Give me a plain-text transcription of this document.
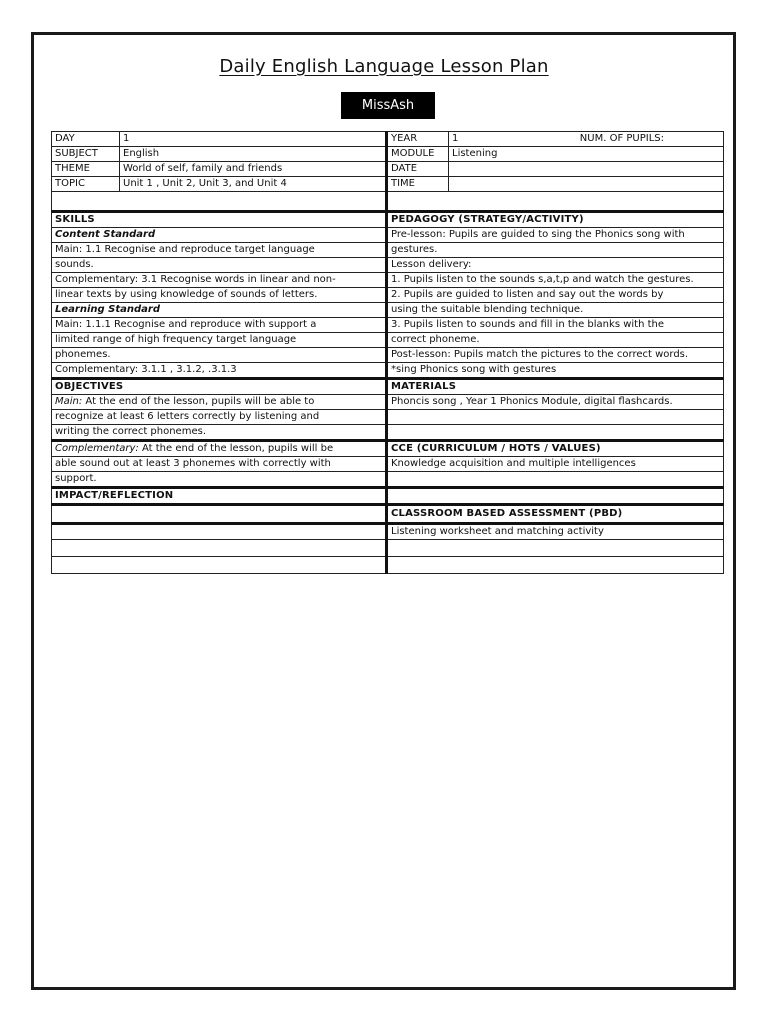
Daily English Language Lesson Plan
MissAsh
DAY	1	YEAR	1 NUM. OF PUPILS:

SUBJECT	English	MODULE	Listening
THEME	World of self, family and friends	DATE	
TOPIC	Unit 1 , Unit 2, Unit 3, and Unit 4	TIME	

SKILLS		PEDAGOGY (STRATEGY/ACTIVITY)	
Content Standard		Pre-lesson: Pupils are guided to sing the Phonics song with	
Main: 1.1 Recognise and reproduce target language		gestures.	
sounds.		Lesson delivery:	
Complementary: 3.1 Recognise words in linear and non-		1. Pupils listen to the sounds s,a,t,p and watch the gestures.	
linear texts by using knowledge of sounds of letters.		2. Pupils are guided to listen and say out the words by	
Learning Standard		using the suitable blending technique.	
Main: 1.1.1 Recognise and reproduce with support a		3. Pupils listen to sounds and fill in the blanks with the	
limited range of high frequency target language		correct phoneme.	
phonemes.		Post-lesson: Pupils match the pictures to the correct words.	
Complementary: 3.1.1 , 3.1.2, .3.1.3		*sing Phonics song with gestures	
OBJECTIVES		MATERIALS	
Main: At the end of the lesson, pupils will be able to		Phoncis song , Year 1 Phonics Module, digital flashcards.	
recognize at least 6 letters correctly by listening and			
writing the correct phonemes.			
Complementary: At the end of the lesson, pupils will be		CCE (CURRICULUM / HOTS / VALUES)	
able sound out at least 3 phonemes with correctly with		Knowledge acquisition and multiple intelligences	
support.			
IMPACT/REFLECTION			
		CLASSROOM BASED ASSESSMENT (PBD)	
		Listening worksheet and matching activity	
